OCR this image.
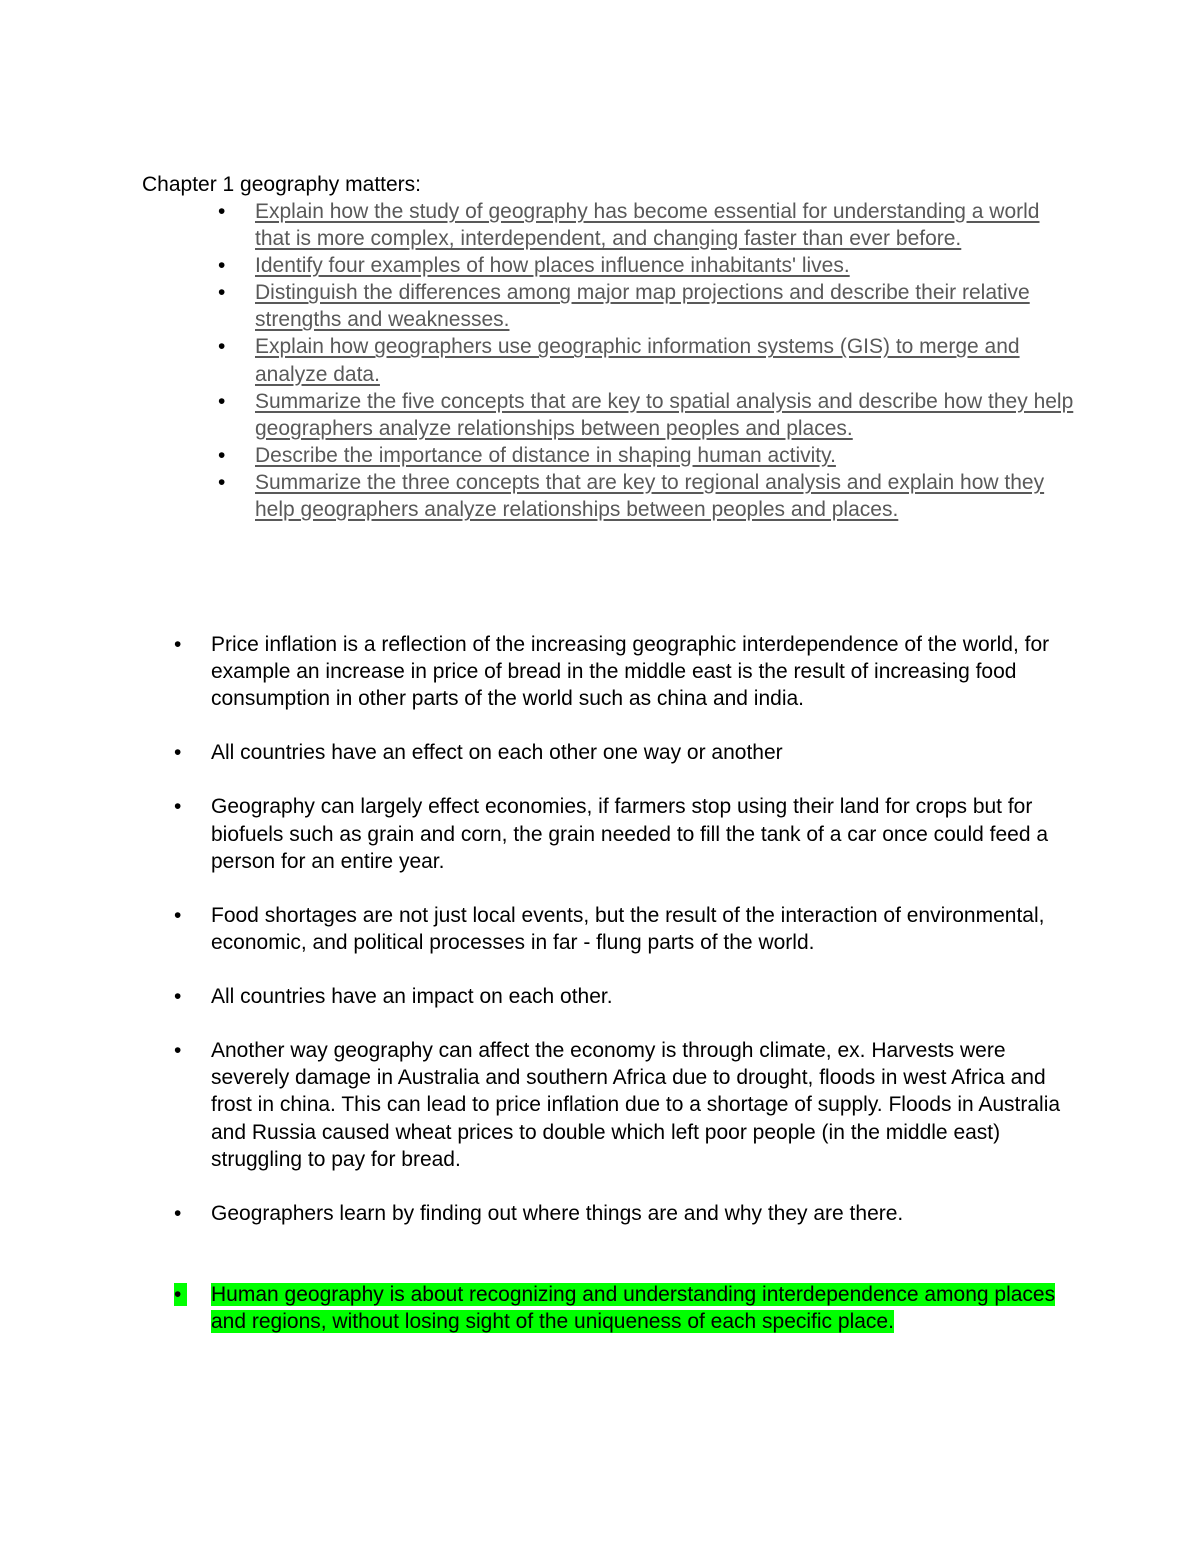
Chapter 1 geography matters:
•	Explain how the study of geography has become essential for understanding a world that is more complex, interdependent, and changing faster than ever before.
•	Identify four examples of how places influence inhabitants' lives.
•	Distinguish the differences among major map projections and describe their relative strengths and weaknesses.
•	Explain how geographers use geographic information systems (GIS) to merge and analyze data.
•	Summarize the five concepts that are key to spatial analysis and describe how they help geographers analyze relationships between peoples and places.
•	Describe the importance of distance in shaping human activity.
•	Summarize the three concepts that are key to regional analysis and explain how they help geographers analyze relationships between peoples and places.
•	Price inflation is a reflection of the increasing geographic interdependence of the world, for example an increase in price of bread in the middle east is the result of increasing food consumption in other parts of the world such as china and india.
•	All countries have an effect on each other one way or another
•	Geography can largely effect economies, if farmers stop using their land for crops but for biofuels such as grain and corn, the grain needed to fill the tank of a car once could feed a person for an entire year.
•	Food shortages are not just local events, but the result of the interaction of environmental, economic, and political processes in far - flung parts of the world.
•	All countries have an impact on each other.
•	Another way geography can affect the economy is through climate, ex. Harvests were severely damage in Australia and southern Africa due to drought, floods in west Africa and frost in china. This can lead to price inflation due to a shortage of supply. Floods in Australia and Russia caused wheat prices to double which left poor people (in the middle east) struggling to pay for bread.
•	Geographers learn by finding out where things are and why they are there.
•	Human geography is about recognizing and understanding interdependence among places and regions, without losing sight of the uniqueness of each specific place.
